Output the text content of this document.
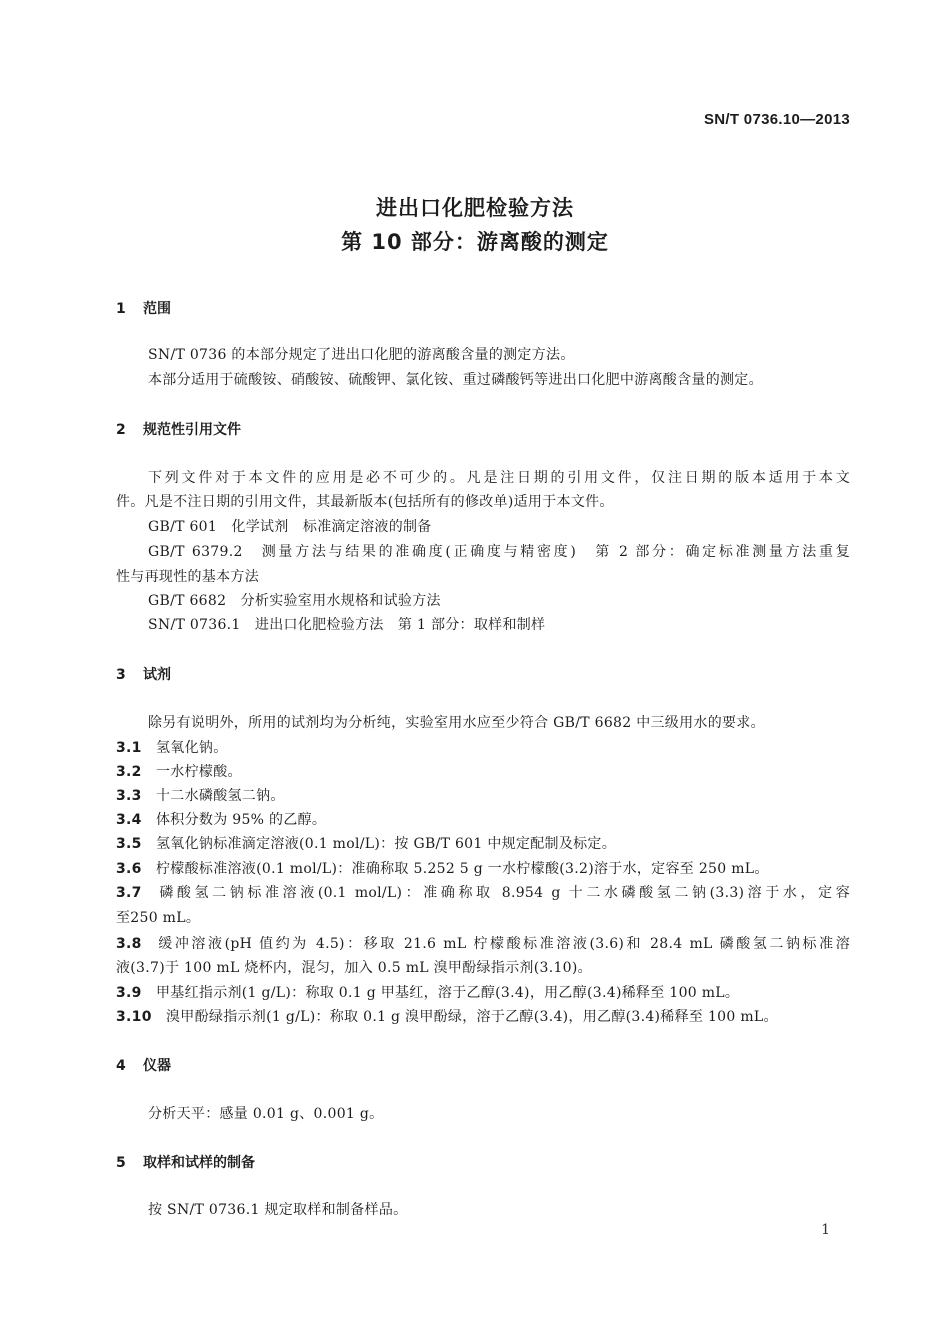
SN/T 0736.10—2013
进出口化肥检验方法
第 10 部分：游离酸的测定
1 范围
SN/T 0736 的本部分规定了进出口化肥的游离酸含量的测定方法。
本部分适用于硫酸铵、硝酸铵、硫酸钾、氯化铵、重过磷酸钙等进出口化肥中游离酸含量的测定。
2 规范性引用文件
下列文件对于本文件的应用是必不可少的。凡是注日期的引用文件，仅注日期的版本适用于本文
件。凡是不注日期的引用文件，其最新版本(包括所有的修改单)适用于本文件。
GB/T 601　化学试剂　标准滴定溶液的制备
GB/T 6379.2　测量方法与结果的准确度(正确度与精密度)　第 2 部分：确定标准测量方法重复
性与再现性的基本方法
GB/T 6682　分析实验室用水规格和试验方法
SN/T 0736.1　进出口化肥检验方法　第 1 部分：取样和制样
3 试剂
除另有说明外，所用的试剂均为分析纯，实验室用水应至少符合 GB/T 6682 中三级用水的要求。
3.1 氢氧化钠。
3.2 一水柠檬酸。
3.3 十二水磷酸氢二钠。
3.4 体积分数为 95% 的乙醇。
3.5 氢氧化钠标准滴定溶液(0.1 mol/L)：按 GB/T 601 中规定配制及标定。
3.6 柠檬酸标准溶液(0.1 mol/L)：准确称取 5.252 5 g 一水柠檬酸(3.2)溶于水，定容至 250 mL。
3.7 磷酸氢二钠标准溶液(0.1 mol/L)：准确称取 8.954 g 十二水磷酸氢二钠(3.3)溶于水，定容
至250 mL。
3.8 缓冲溶液(pH 值约为 4.5)：移取 21.6 mL 柠檬酸标准溶液(3.6)和 28.4 mL 磷酸氢二钠标准溶
液(3.7)于 100 mL 烧杯内，混匀，加入 0.5 mL 溴甲酚绿指示剂(3.10)。
3.9 甲基红指示剂(1 g/L)：称取 0.1 g 甲基红，溶于乙醇(3.4)，用乙醇(3.4)稀释至 100 mL。
3.10 溴甲酚绿指示剂(1 g/L)：称取 0.1 g 溴甲酚绿，溶于乙醇(3.4)，用乙醇(3.4)稀释至 100 mL。
4 仪器
分析天平：感量 0.01 g、0.001 g。
5 取样和试样的制备
按 SN/T 0736.1 规定取样和制备样品。
1
